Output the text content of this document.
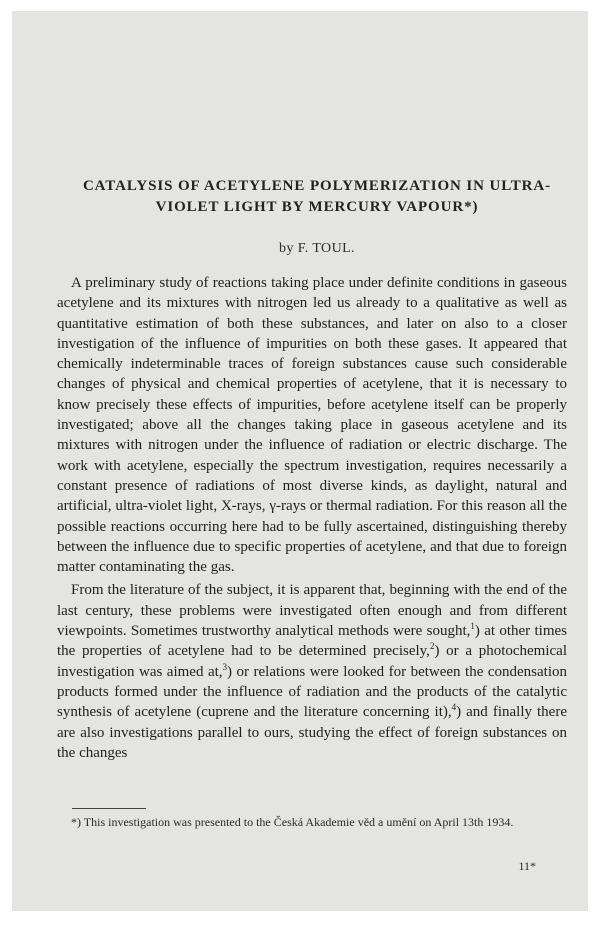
CATALYSIS OF ACETYLENE POLYMERIZATION IN ULTRA-
VIOLET LIGHT BY MERCURY VAPOUR*)

by F. TOUL.

A preliminary study of reactions taking place under definite conditions in gaseous acetylene and its mixtures with nitrogen led us already to a qualitative as well as quantitative estimation of both these substances, and later on also to a closer investigation of the influence of impurities on both these gases. It appeared that chemically indeterminable traces of foreign substances cause such considerable changes of physical and chemical properties of acetylene, that it is necessary to know precisely these effects of impurities, before acetylene itself can be properly investigated; above all the changes taking place in gaseous acetylene and its mixtures with nitrogen under the influence of radiation or electric discharge. The work with acetylene, especially the spectrum investigation, requires necessarily a constant presence of radiations of most diverse kinds, as daylight, natural and artificial, ultra-violet light, X-rays, γ-rays or thermal radiation. For this reason all the possible reactions occurring here had to be fully ascertained, distinguishing thereby between the influence due to specific properties of acetylene, and that due to foreign matter contaminating the gas.

From the literature of the subject, it is apparent that, beginning with the end of the last century, these problems were investigated often enough and from different viewpoints. Sometimes trustworthy analytical methods were sought,$^1$) at other times the properties of acetylene had to be determined precisely,$^2$) or a photochemical investigation was aimed at,$^3$) or relations were looked for between the condensation products formed under the influence of radiation and the products of the catalytic synthesis of acetylene (cuprene and the literature concerning it),$^4$) and finally there are also investigations parallel to ours, studying the effect of foreign substances on the changes

*) This investigation was presented to the Česká Akademie věd a umění on April 13th 1934.

11*
